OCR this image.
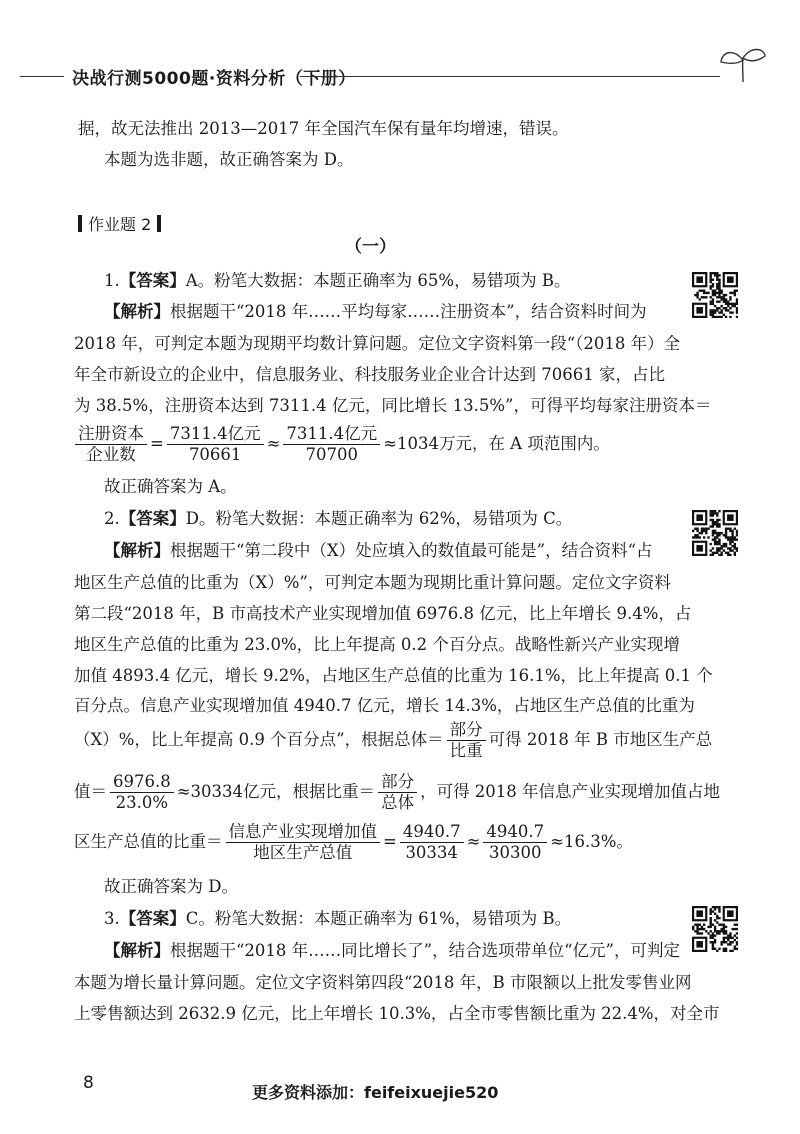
决战行测5000题·资料分析（下册）
据，故无法推出 2013—2017 年全国汽车保有量年均增速，错误。
本题为选非题，故正确答案为 D。
作业题 2
（一）
1.【答案】A。粉笔大数据：本题正确率为 65%，易错项为 B。
【解析】根据题干“2018 年……平均每家……注册资本”，结合资料时间为
2018 年，可判定本题为现期平均数计算问题。定位文字资料第一段“（2018 年）全
年全市新设立的企业中，信息服务业、科技服务业企业合计达到 70661 家，占比
为 38.5%，注册资本达到 7311.4 亿元，同比增长 13.5%”，可得平均每家注册资本＝
$\frac{\text{注册资本}}{\text{企业数}} = \frac{\text{7311.4亿元}}{70661} \approx \frac{\text{7311.4亿元}}{70700} \approx 1034$万元，在 A 项范围内。
故正确答案为 A。
2.【答案】D。粉笔大数据：本题正确率为 62%，易错项为 C。
【解析】根据题干“第二段中（X）处应填入的数值最可能是”，结合资料“占
地区生产总值的比重为（X）%”，可判定本题为现期比重计算问题。定位文字资料
第二段“2018 年，B 市高技术产业实现增加值 6976.8 亿元，比上年增长 9.4%，占
地区生产总值的比重为 23.0%，比上年提高 0.2 个百分点。战略性新兴产业实现增
加值 4893.4 亿元，增长 9.2%，占地区生产总值的比重为 16.1%，比上年提高 0.1 个
百分点。信息产业实现增加值 4940.7 亿元，增长 14.3%，占地区生产总值的比重为
（X）%，比上年提高 0.9 个百分点”，根据总体＝ $\frac{\text{部分}}{\text{比重}}$ 可得 2018 年 B 市地区生产总
值＝ $\frac{6976.8}{23.0\%} \approx 30334$亿元，根据比重＝ $\frac{\text{部分}}{\text{总体}}$ ，可得 2018 年信息产业实现增加值占地
区生产总值的比重＝ $\frac{\text{信息产业实现增加值}}{\text{地区生产总值}} = \frac{4940.7}{30334} \approx \frac{4940.7}{30300} \approx 16.3\%$。
故正确答案为 D。
3.【答案】C。粉笔大数据：本题正确率为 61%，易错项为 B。
【解析】根据题干“2018 年……同比增长了”，结合选项带单位“亿元”，可判定
本题为增长量计算问题。定位文字资料第四段“2018 年，B 市限额以上批发零售业网
上零售额达到 2632.9 亿元，比上年增长 10.3%，占全市零售额比重为 22.4%，对全市
8	更多资料添加：feifeixuejie520
